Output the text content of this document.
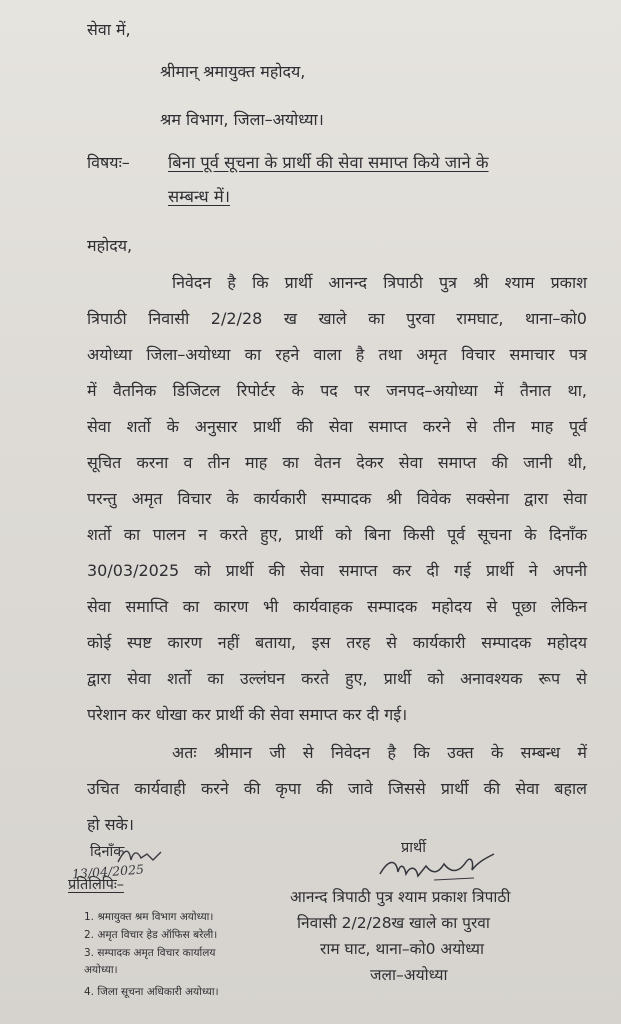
सेवा में,
श्रीमान् श्रमायुक्त महोदय,
श्रम विभाग, जिला–अयोध्या।
विषयः– बिना पूर्व सूचना के प्रार्थी की सेवा समाप्त किये जाने के
सम्बन्ध में।
महोदय,
निवेदन है कि प्रार्थी आनन्द त्रिपाठी पुत्र श्री श्याम प्रकाश
त्रिपाठी निवासी 2/2/28 ख खाले का पुरवा रामघाट, थाना–को0
अयोध्या जिला–अयोध्या का रहने वाला है तथा अमृत विचार समाचार पत्र
में वैतनिक डिजिटल रिपोर्टर के पद पर जनपद–अयोध्या में तैनात था,
सेवा शर्तो के अनुसार प्रार्थी की सेवा समाप्त करने से तीन माह पूर्व
सूचित करना व तीन माह का वेतन देकर सेवा समाप्त की जानी थी,
परन्तु अमृत विचार के कार्यकारी सम्पादक श्री विवेक सक्सेना द्वारा सेवा
शर्तो का पालन न करते हुए, प्रार्थी को बिना किसी पूर्व सूचना के दिनाँक
30/03/2025 को प्रार्थी की सेवा समाप्त कर दी गई प्रार्थी ने अपनी
सेवा समाप्ति का कारण भी कार्यवाहक सम्पादक महोदय से पूछा लेकिन
कोई स्पष्ट कारण नहीं बताया, इस तरह से कार्यकारी सम्पादक महोदय
द्वारा सेवा शर्तो का उल्लंघन करते हुए, प्रार्थी को अनावश्यक रूप से
परेशान कर धोखा कर प्रार्थी की सेवा समाप्त कर दी गई।
अतः श्रीमान जी से निवेदन है कि उक्त के सम्बन्ध में
उचित कार्यवाही करने की कृपा की जावे जिससे प्रार्थी की सेवा बहाल
हो सके।
दिनाँक
13/04/2025
प्रतिलिपिः–
प्रार्थी
आनन्द त्रिपाठी पुत्र श्याम प्रकाश त्रिपाठी
निवासी 2/2/28ख खाले का पुरवा
राम घाट, थाना–को0 अयोध्या
जला–अयोध्या
1. श्रमायुक्त श्रम विभाग अयोध्या।
2. अमृत विचार हेड ऑफिस बरेली।
3. सम्पादक अमृत विचार कार्यालय
अयोध्या।
4. जिला सूचना अधिकारी अयोध्या।
